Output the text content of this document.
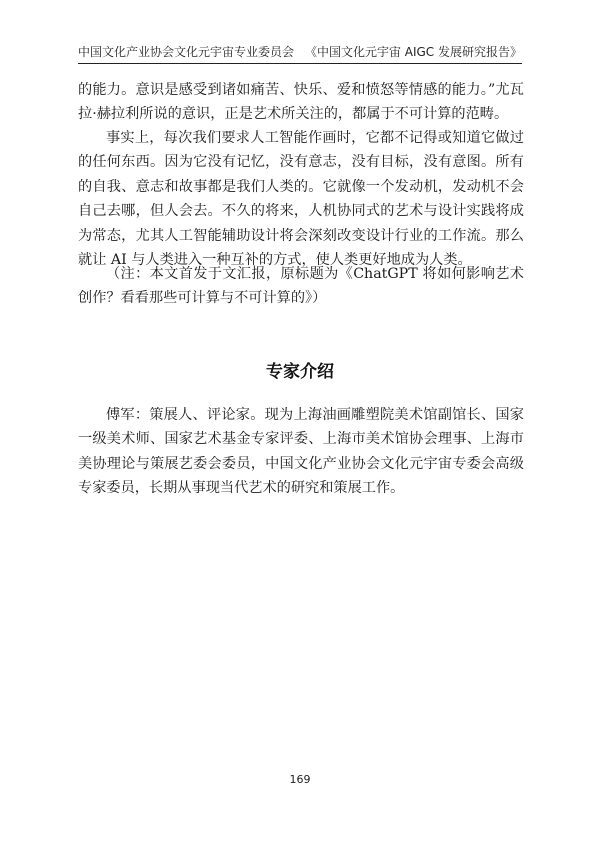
中国文化产业协会文化元宇宙专业委员会 《中国文化元宇宙 AIGC 发展研究报告》

的能力。意识是感受到诸如痛苦、快乐、爱和愤怒等情感的能力。”尤瓦拉·赫拉利所说的意识，正是艺术所关注的，都属于不可计算的范畴。

事实上，每次我们要求人工智能作画时，它都不记得或知道它做过的任何东西。因为它没有记忆，没有意志，没有目标，没有意图。所有的自我、意志和故事都是我们人类的。它就像一个发动机，发动机不会自己去哪，但人会去。不久的将来，人机协同式的艺术与设计实践将成为常态，尤其人工智能辅助设计将会深刻改变设计行业的工作流。那么就让 AI 与人类进入一种互补的方式，使人类更好地成为人类。

（注：本文首发于文汇报，原标题为《ChatGPT 将如何影响艺术创作？看看那些可计算与不可计算的》）

专家介绍

傅军：策展人、评论家。现为上海油画雕塑院美术馆副馆长、国家一级美术师、国家艺术基金专家评委、上海市美术馆协会理事、上海市美协理论与策展艺委会委员，中国文化产业协会文化元宇宙专委会高级专家委员，长期从事现当代艺术的研究和策展工作。

169
